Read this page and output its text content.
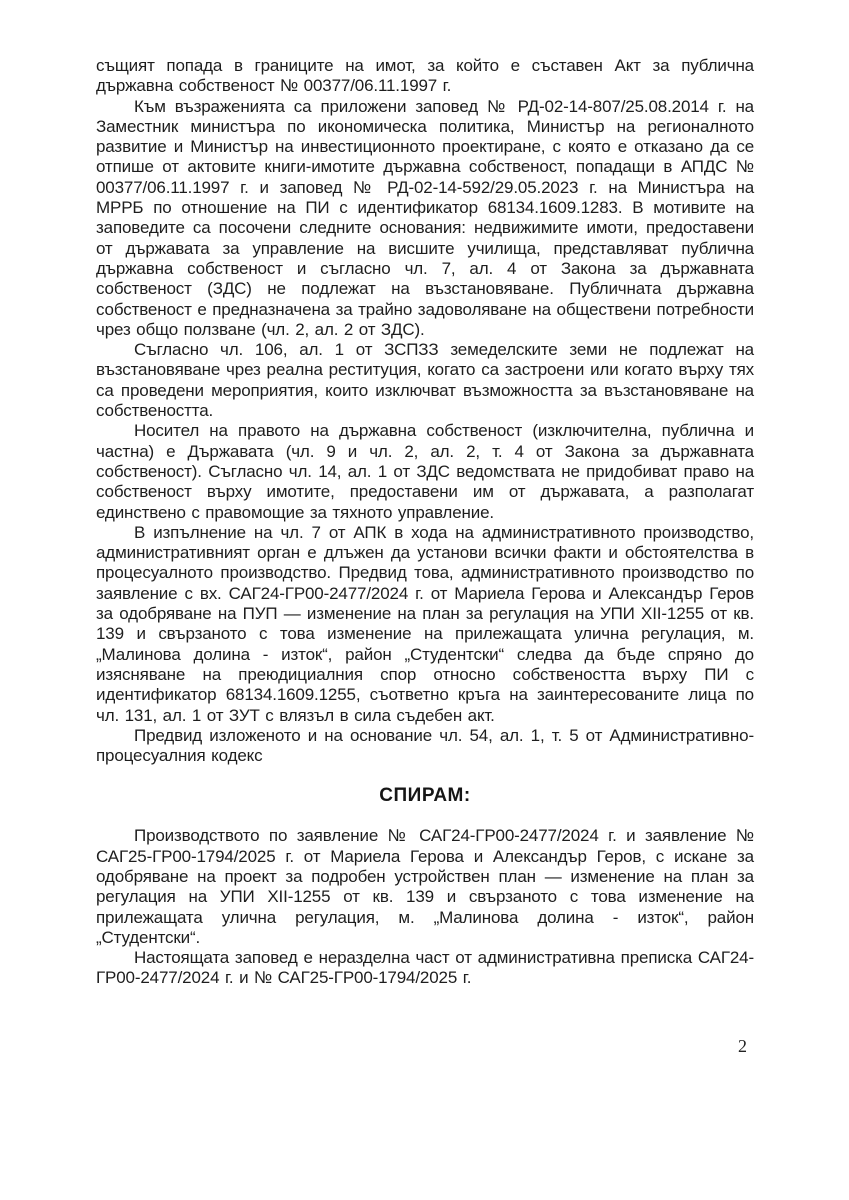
същият попада в границите на имот, за който е съставен Акт за публична държавна собственост № 00377/06.11.1997 г.

Към възраженията са приложени заповед № РД-02-14-807/25.08.2014 г. на Заместник министъра по икономическа политика, Министър на регионалното развитие и Министър на инвестиционното проектиране, с която е отказано да се отпише от актовите книги-имотите държавна собственост, попадащи в АПДС № 00377/06.11.1997 г. и заповед № РД-02-14-592/29.05.2023 г. на Министъра на МРРБ по отношение на ПИ с идентификатор 68134.1609.1283. В мотивите на заповедите са посочени следните основания: недвижимите имоти, предоставени от държавата за управление на висшите училища, представляват публична държавна собственост и съгласно чл. 7, ал. 4 от Закона за държавната собственост (ЗДС) не подлежат на възстановяване. Публичната държавна собственост е предназначена за трайно задоволяване на обществени потребности чрез общо ползване (чл. 2, ал. 2 от ЗДС).

Съгласно чл. 106, ал. 1 от ЗСПЗЗ земеделските земи не подлежат на възстановяване чрез реална реституция, когато са застроени или когато върху тях са проведени мероприятия, които изключват възможността за възстановяване на собствеността.

Носител на правото на държавна собственост (изключителна, публична и частна) е Държавата (чл. 9 и чл. 2, ал. 2, т. 4 от Закона за държавната собственост). Съгласно чл. 14, ал. 1 от ЗДС ведомствата не придобиват право на собственост върху имотите, предоставени им от държавата, а разполагат единствено с правомощие за тяхното управление.

В изпълнение на чл. 7 от АПК в хода на административното производство, административният орган е длъжен да установи всички факти и обстоятелства в процесуалното производство. Предвид това, административното производство по заявление с вх. САГ24-ГР00-2477/2024 г. от Мариела Герова и Александър Геров за одобряване на ПУП — изменение на план за регулация на УПИ XII-1255 от кв. 139 и свързаното с това изменение на прилежащата улична регулация, м. „Малинова долина - изток“, район „Студентски“ следва да бъде спряно до изясняване на преюдициалния спор относно собствеността върху ПИ с идентификатор 68134.1609.1255, съответно кръга на заинтересованите лица по чл. 131, ал. 1 от ЗУТ с влязъл в сила съдебен акт.

Предвид изложеното и на основание чл. 54, ал. 1, т. 5 от Административно-процесуалния кодекс

СПИРАМ:

Производството по заявление № САГ24-ГР00-2477/2024 г. и заявление № САГ25-ГР00-1794/2025 г. от Мариела Герова и Александър Геров, с искане за одобряване на проект за подробен устройствен план — изменение на план за регулация на УПИ XII-1255 от кв. 139 и свързаното с това изменение на прилежащата улична регулация, м. „Малинова долина - изток“, район „Студентски“.

Настоящата заповед е неразделна част от административна преписка САГ24-ГР00-2477/2024 г. и № САГ25-ГР00-1794/2025 г.

2
